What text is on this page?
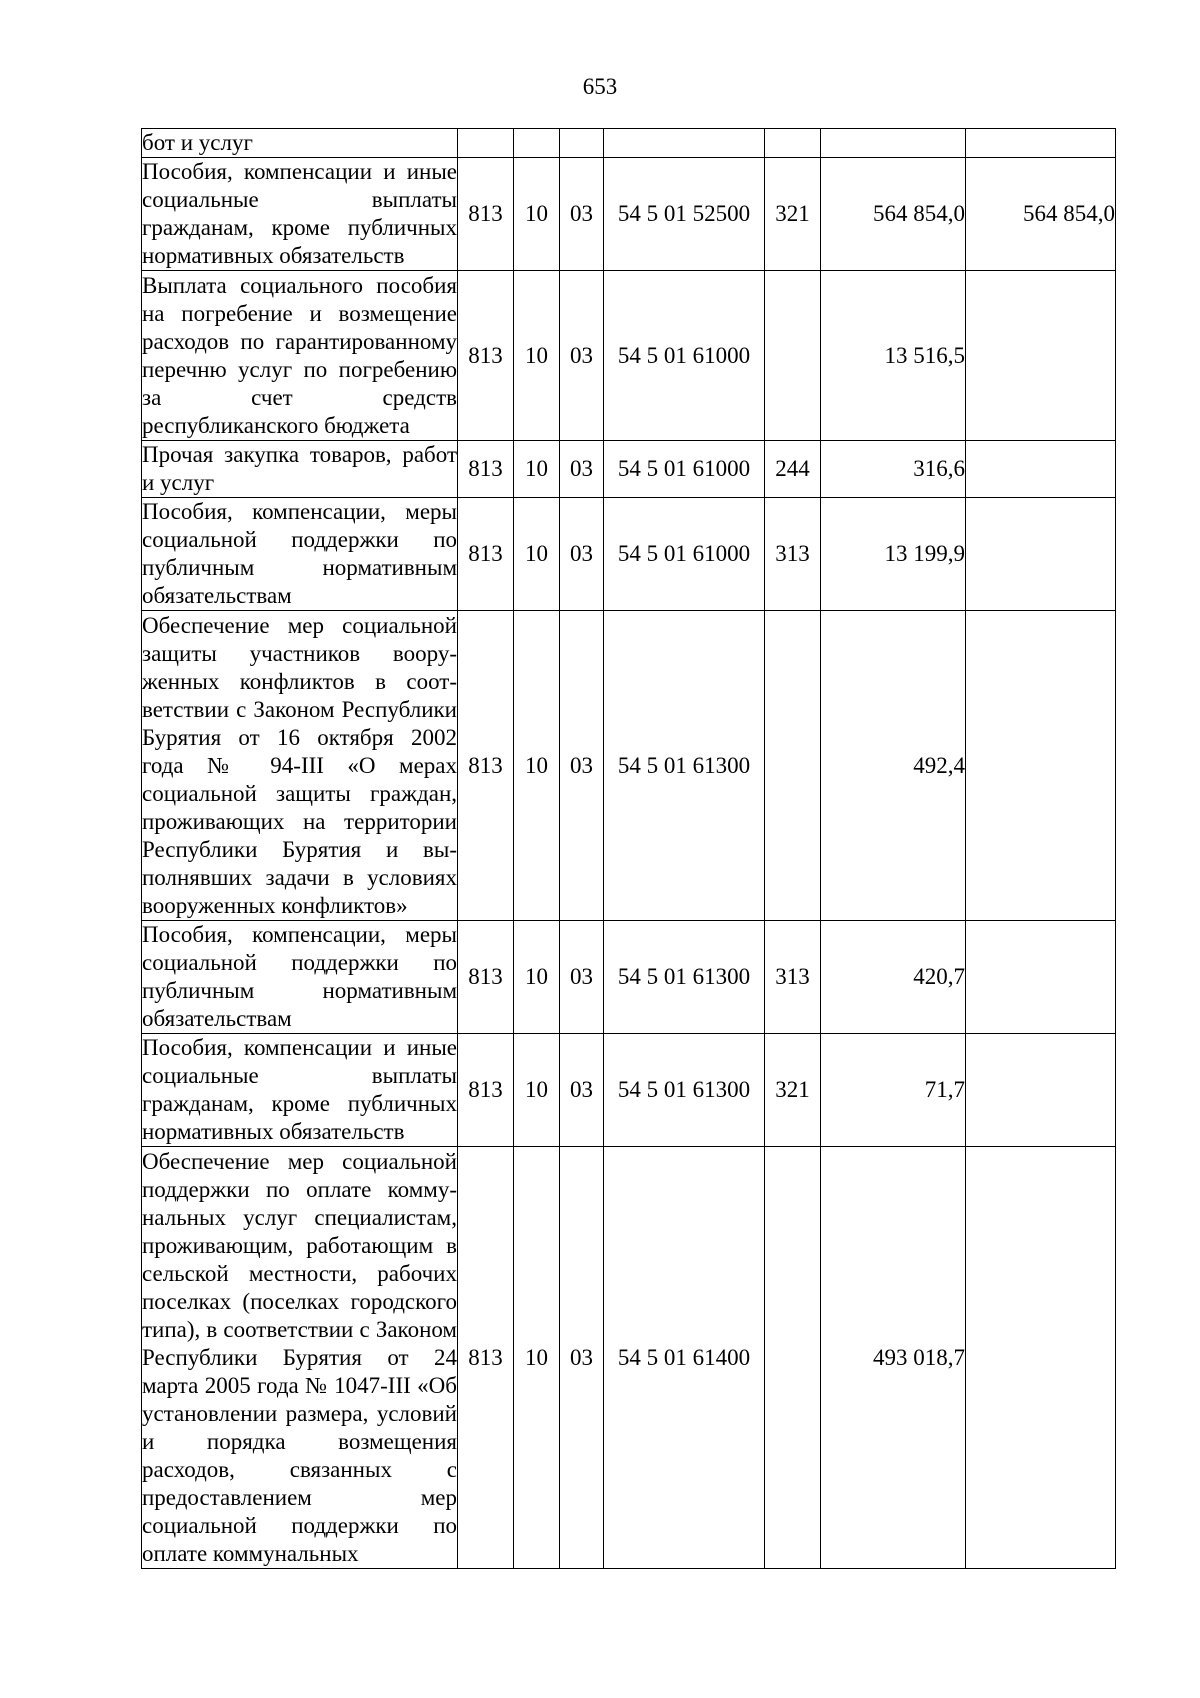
653
бот и услуг							
Пособия, компенсации и иные социальные выплаты гражданам, кроме публичных нормативных обязательств	813	10	03	54 5 01 52500	321	564 854,0	564 854,0
Выплата социального пособия на погребение и возмещение расходов по гарантированному перечню услуг по погребению за счет средств республиканского бюджета	813	10	03	54 5 01 61000		13 516,5	
Прочая закупка товаров, работ и услуг	813	10	03	54 5 01 61000	244	316,6	
Пособия, компенсации, меры социальной поддержки по публичным нормативным обязательствам	813	10	03	54 5 01 61000	313	13 199,9	
Обеспечение мер социальной защиты участников вооруженных конфликтов в соответствии с Законом Республики Бурятия от 16 октября 2002 года № 94-III «О мерах социальной защиты граждан, проживающих на территории Республики Бурятия и выполнявших задачи в условиях вооруженных конфликтов»	813	10	03	54 5 01 61300		492,4	
Пособия, компенсации, меры социальной поддержки по публичным нормативным обязательствам	813	10	03	54 5 01 61300	313	420,7	
Пособия, компенсации и иные социальные выплаты гражданам, кроме публичных нормативных обязательств	813	10	03	54 5 01 61300	321	71,7	
Обеспечение мер социальной поддержки по оплате коммунальных услуг специалистам, проживающим, работающим в сельской местности, рабочих поселках (поселках городского типа), в соответствии с Законом Республики Бурятия от 24 марта 2005 года № 1047-III «Об установлении размера, условий и порядка возмещения расходов, связанных с предоставлением мер социальной поддержки по оплате коммунальных	813	10	03	54 5 01 61400		493 018,7	
